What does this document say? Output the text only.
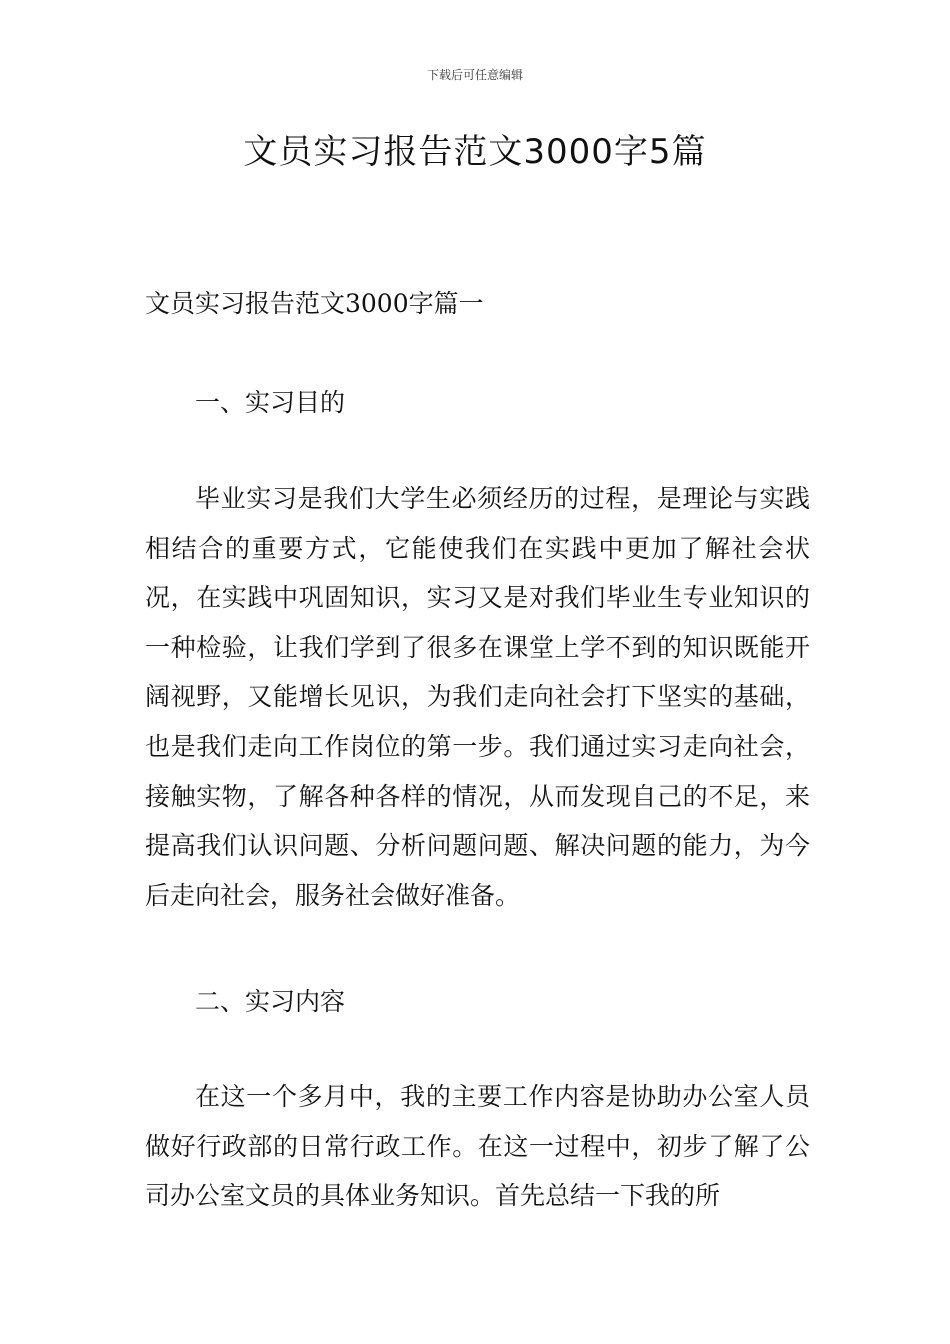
下载后可任意编辑
文员实习报告范文3000字5篇
文员实习报告范文3000字篇一
一、实习目的

毕业实习是我们大学生必须经历的过程，是理论与实践相结合的重要方式，它能使我们在实践中更加了解社会状况，在实践中巩固知识，实习又是对我们毕业生专业知识的一种检验，让我们学到了很多在课堂上学不到的知识既能开阔视野，又能增长见识，为我们走向社会打下坚实的基础，也是我们走向工作岗位的第一步。我们通过实习走向社会，接触实物，了解各种各样的情况，从而发现自己的不足，来提高我们认识问题、分析问题问题、解决问题的能力，为今后走向社会，服务社会做好准备。

二、实习内容

在这一个多月中，我的主要工作内容是协助办公室人员做好行政部的日常行政工作。在这一过程中，初步了解了公司办公室文员的具体业务知识。首先总结一下我的所
